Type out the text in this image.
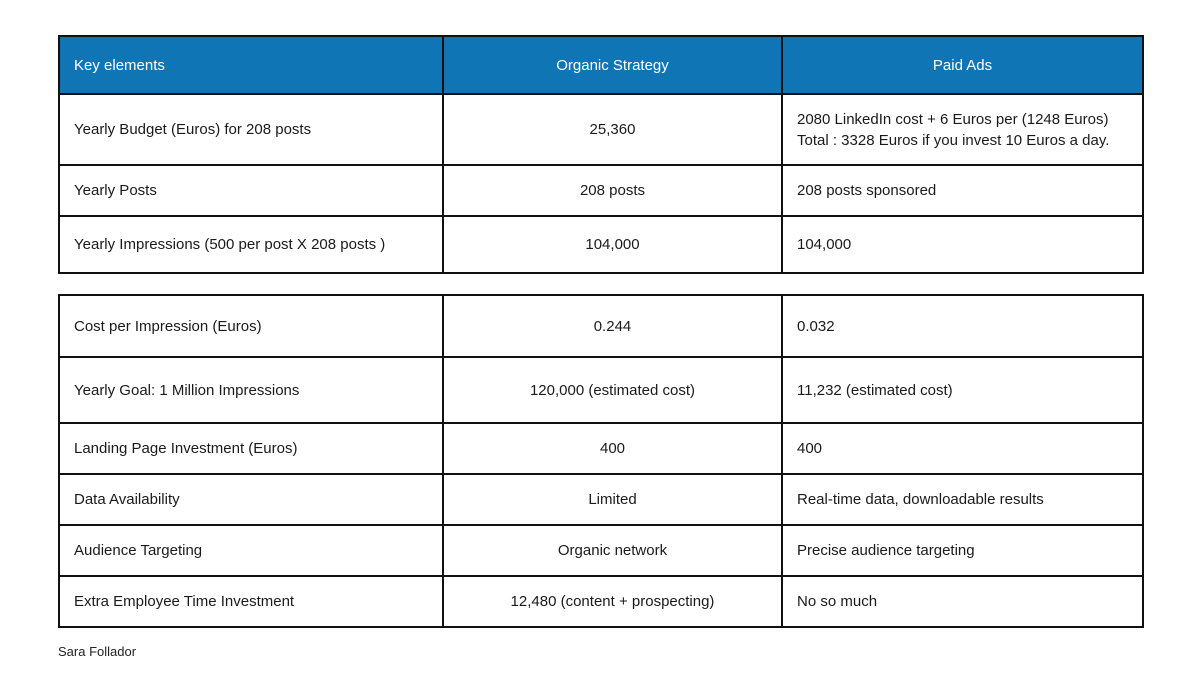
Key elements	Organic Strategy	Paid Ads
Yearly Budget (Euros) for 208 posts	25,360	2080 LinkedIn cost + 6 Euros per (1248 Euros)
Total : 3328 Euros if you invest 10 Euros a day.

Yearly Posts	208 posts	208 posts sponsored
Yearly Impressions (500 per post X 208 posts )	104,000	104,000
Cost per Impression (Euros)	0.244	0.032
Yearly Goal: 1 Million Impressions	120,000 (estimated cost)	11,232 (estimated cost)
Landing Page Investment (Euros)	400	400
Data Availability	Limited	Real-time data, downloadable results
Audience Targeting	Organic network	Precise audience targeting
Extra Employee Time Investment	12,480 (content + prospecting)	No so much
Sara Follador
